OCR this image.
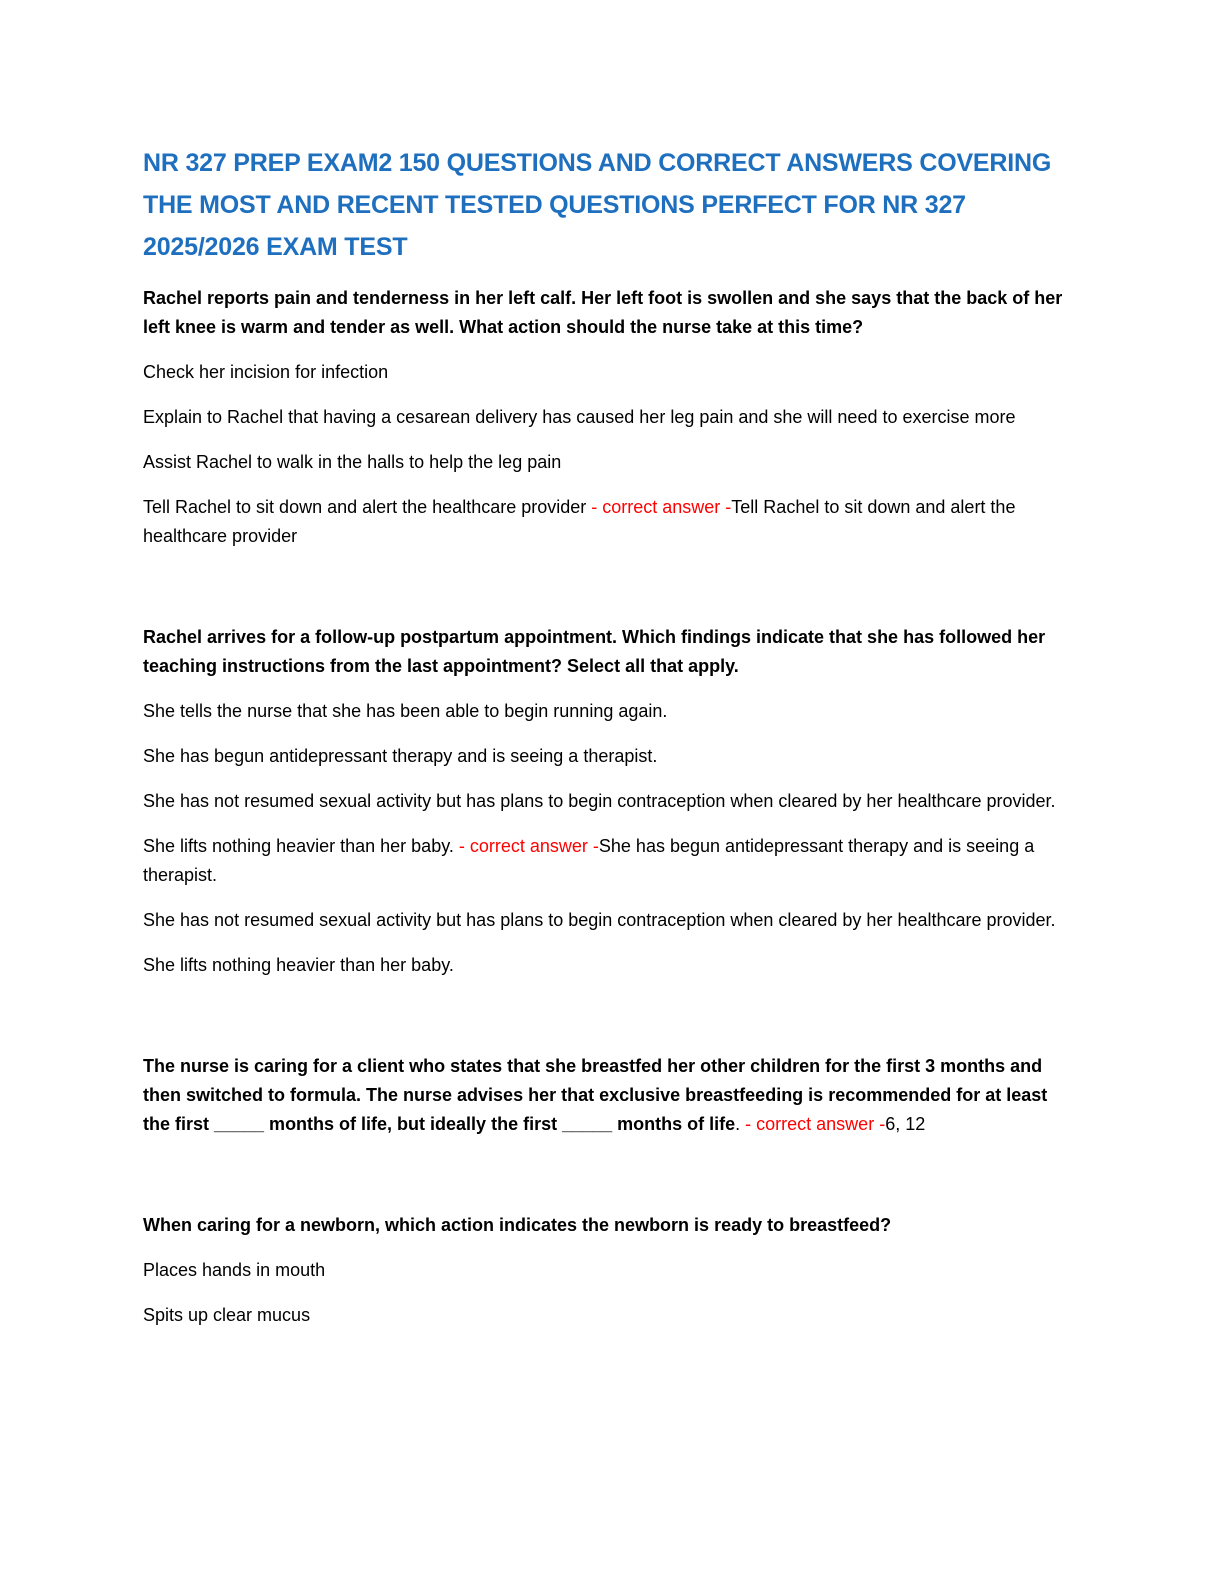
NR 327 PREP EXAM2 150 QUESTIONS AND CORRECT ANSWERS COVERING THE MOST AND RECENT TESTED QUESTIONS PERFECT FOR NR 327 2025/2026 EXAM TEST
Rachel reports pain and tenderness in her left calf. Her left foot is swollen and she says that the back of her left knee is warm and tender as well. What action should the nurse take at this time?
Check her incision for infection
Explain to Rachel that having a cesarean delivery has caused her leg pain and she will need to exercise more
Assist Rachel to walk in the halls to help the leg pain
Tell Rachel to sit down and alert the healthcare provider - correct answer -Tell Rachel to sit down and alert the healthcare provider
Rachel arrives for a follow-up postpartum appointment. Which findings indicate that she has followed her teaching instructions from the last appointment? Select all that apply.
She tells the nurse that she has been able to begin running again.
She has begun antidepressant therapy and is seeing a therapist.
She has not resumed sexual activity but has plans to begin contraception when cleared by her healthcare provider.
She lifts nothing heavier than her baby. - correct answer -She has begun antidepressant therapy and is seeing a therapist.
She has not resumed sexual activity but has plans to begin contraception when cleared by her healthcare provider.
She lifts nothing heavier than her baby.
The nurse is caring for a client who states that she breastfed her other children for the first 3 months and then switched to formula. The nurse advises her that exclusive breastfeeding is recommended for at least the first _____ months of life, but ideally the first _____ months of life. - correct answer -6, 12
When caring for a newborn, which action indicates the newborn is ready to breastfeed?
Places hands in mouth
Spits up clear mucus
